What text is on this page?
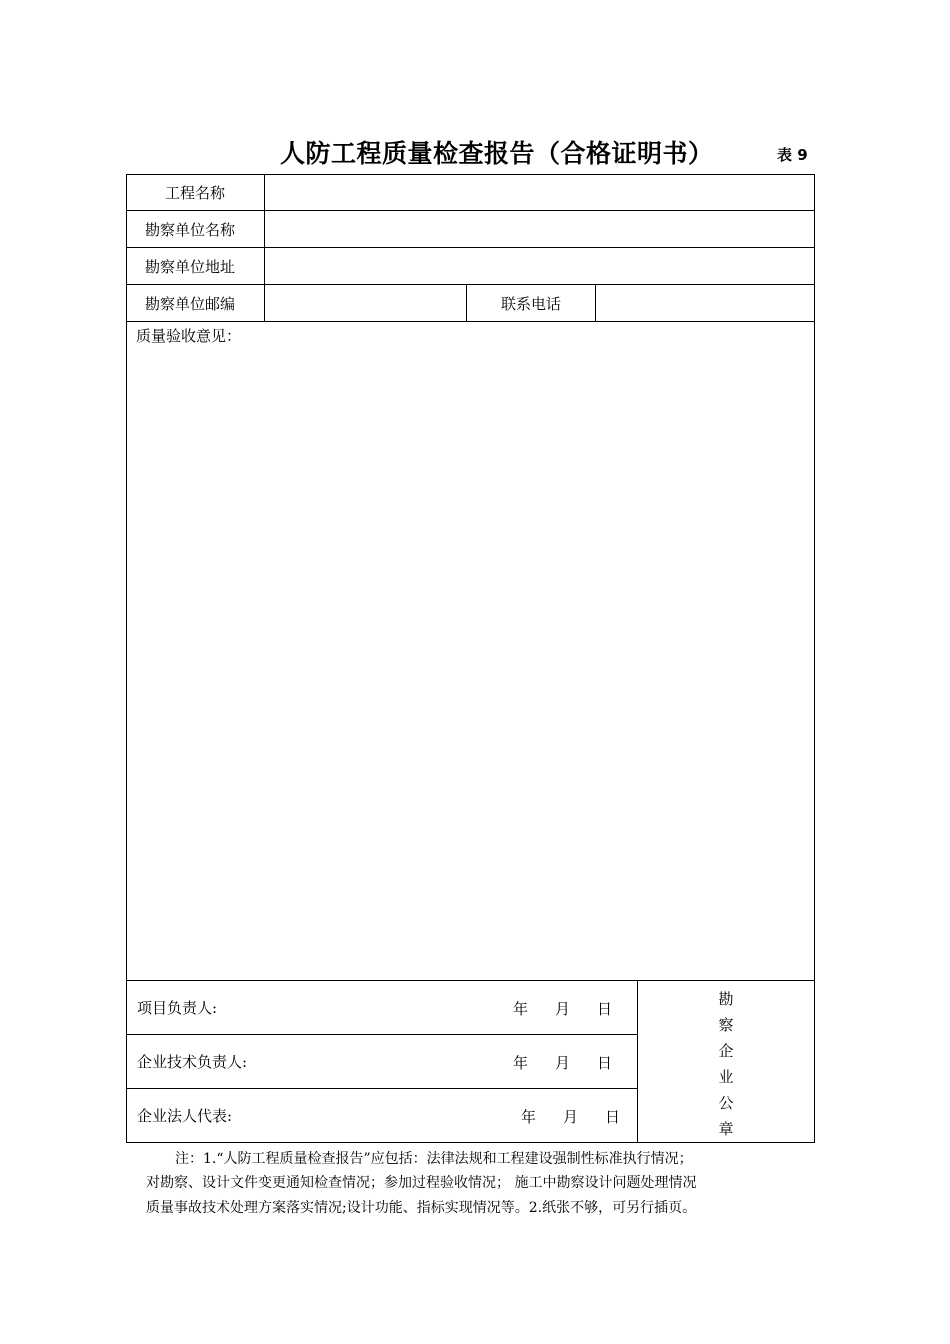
人防工程质量检查报告（合格证明书）	表 9
工程名称
勘察单位名称
勘察单位地址
勘察单位邮编	联系电话
质量验收意见：
项目负责人:	年 月 日
企业技术负责人:	年 月 日
企业法人代表:	年 月 日
勘
察
企
业
公
章
注：1.“人防工程质量检查报告”应包括：法律法规和工程建设强制性标准执行情况；
对勘察、设计文件变更通知检查情况；参加过程验收情况； 施工中勘察设计问题处理情况
质量事故技术处理方案落实情况;设计功能、指标实现情况等。2.纸张不够，可另行插页。
